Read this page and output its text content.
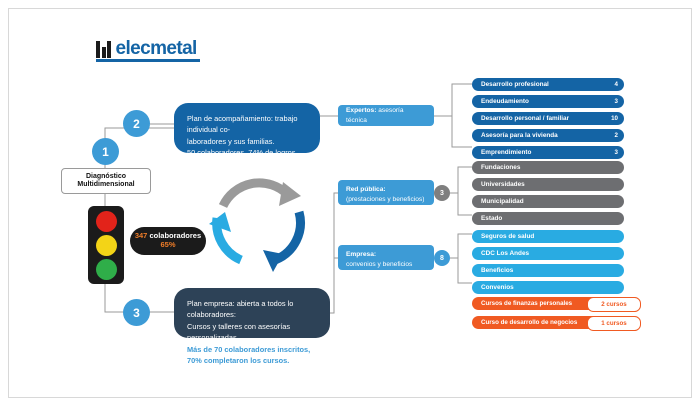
elecmetal
1
2
3
Diagnóstico
Multidimensional
347 colaboradores
65%
Plan de acompañamiento: trabajo individual co-
laboradores y sus familias.
50 colaboradores, 74% de logros.
Plan empresa: abierta a todos lo colaboradores:
Cursos y talleres con asesorías personalizadas.
Más de 70 colaboradores inscritos,
70% completaron los cursos.
Expertos: asesoría técnica
Red pública:
(prestaciones y beneficios)
3
Empresa:
convenios y beneficios
8
Desarrollo profesional	4
Endeudamiento	3
Desarrollo personal / familiar	10
Asesoría para la vivienda	2
Emprendimiento	3
Fundaciones
Universidades
Municipalidad
Estado
Seguros de salud
CDC Los Andes
Beneficios
Convenios
Cursos de finanzas personales	2 cursos
Curso de desarrollo de negocios	1 cursos
